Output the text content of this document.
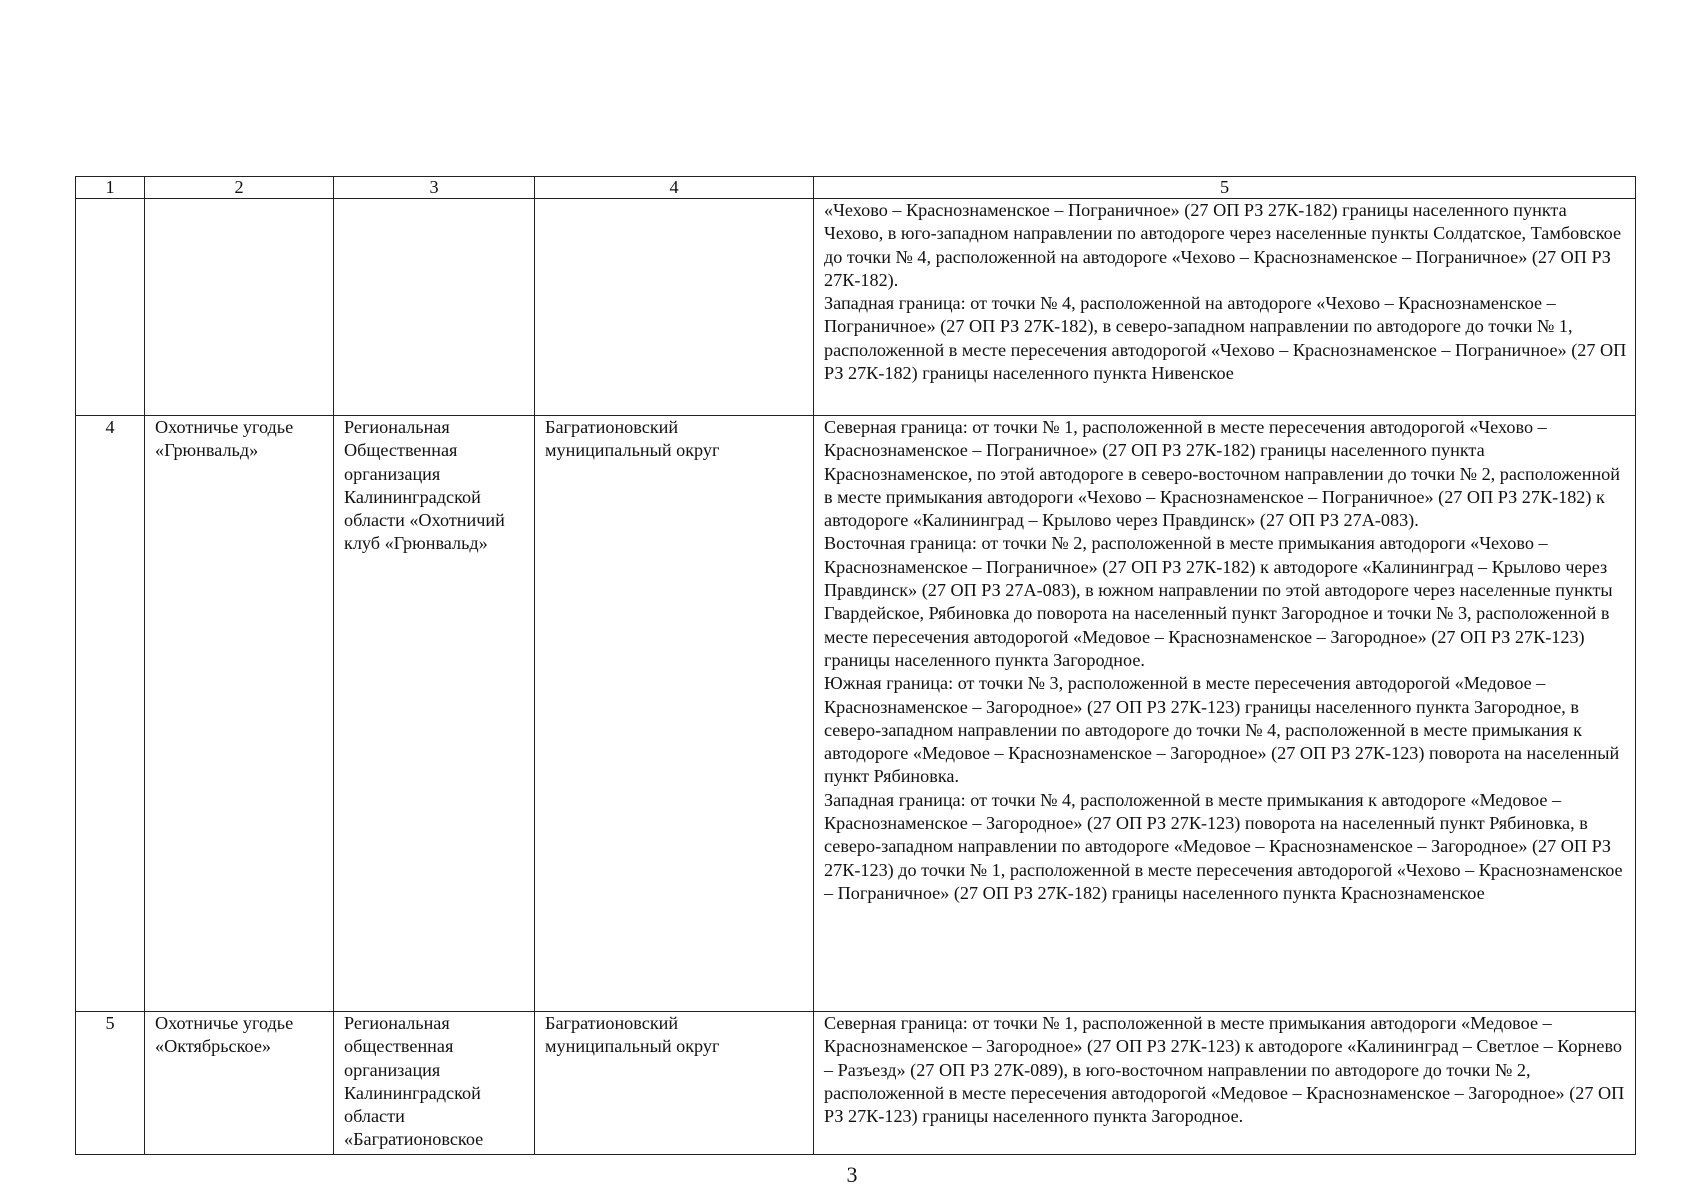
1	2	3	4	5

				«Чехово – Краснознаменское – Пограничное» (27 ОП РЗ 27К-182) границы населенного пункта Чехово, в юго-западном направлении по автодороге через населенные пункты Солдатское, Тамбовское до точки № 4, расположенной на автодороге «Чехово – Краснознаменское – Пограничное» (27 ОП РЗ 27К-182).
Западная граница: от точки № 4, расположенной на автодороге «Чехово – Краснознаменское – Пограничное» (27 ОП РЗ 27К-182), в северо-западном направлении по автодороге до точки № 1, расположенной в месте пересечения автодорогой «Чехово – Краснознаменское – Пограничное» (27 ОП РЗ 27К-182) границы населенного пункта Нивенское

4	Охотничье угодье «Грюнвальд»	Региональная Общественная организация Калининградской области «Охотничий клуб «Грюнвальд»	Багратионовский муниципальный округ	Северная граница: от точки № 1, расположенной в месте пересечения автодорогой «Чехово – Краснознаменское – Пограничное» (27 ОП РЗ 27К-182) границы населенного пункта Краснознаменское, по этой автодороге в северо-восточном направлении до точки № 2, расположенной в месте примыкания автодороги «Чехово – Краснознаменское – Пограничное» (27 ОП РЗ 27К-182) к автодороге «Калининград – Крылово через Правдинск» (27 ОП РЗ 27А-083).
Восточная граница: от точки № 2, расположенной в месте примыкания автодороги «Чехово – Краснознаменское – Пограничное» (27 ОП РЗ 27К-182) к автодороге «Калининград – Крылово через Правдинск» (27 ОП РЗ 27А-083), в южном направлении по этой автодороге через населенные пункты Гвардейское, Рябиновка до поворота на населенный пункт Загородное и точки № 3, расположенной в месте пересечения автодорогой «Медовое – Краснознаменское – Загородное» (27 ОП РЗ 27К-123) границы населенного пункта Загородное.
Южная граница: от точки № 3, расположенной в месте пересечения автодорогой «Медовое – Краснознаменское – Загородное» (27 ОП РЗ 27К-123) границы населенного пункта Загородное, в северо-западном направлении по автодороге до точки № 4, расположенной в месте примыкания к автодороге «Медовое – Краснознаменское – Загородное» (27 ОП РЗ 27К-123) поворота на населенный пункт Рябиновка.
Западная граница: от точки № 4, расположенной в месте примыкания к автодороге «Медовое – Краснознаменское – Загородное» (27 ОП РЗ 27К-123) поворота на населенный пункт Рябиновка, в северо-западном направлении по автодороге «Медовое – Краснознаменское – Загородное» (27 ОП РЗ 27К-123) до точки № 1, расположенной в месте пересечения автодорогой «Чехово – Краснознаменское – Пограничное» (27 ОП РЗ 27К-182) границы населенного пункта Краснознаменское

5	Охотничье угодье «Октябрьское»	Региональная общественная организация Калининградской области «Багратионовское	Багратионовский муниципальный округ	Северная граница: от точки № 1, расположенной в месте примыкания автодороги «Медовое – Краснознаменское – Загородное» (27 ОП РЗ 27К-123) к автодороге «Калининград – Светлое – Корнево – Разъезд» (27 ОП РЗ 27К-089), в юго-восточном направлении по автодороге до точки № 2, расположенной в месте пересечения автодорогой «Медовое – Краснознаменское – Загородное» (27 ОП РЗ 27К-123) границы населенного пункта Загородное.
3
